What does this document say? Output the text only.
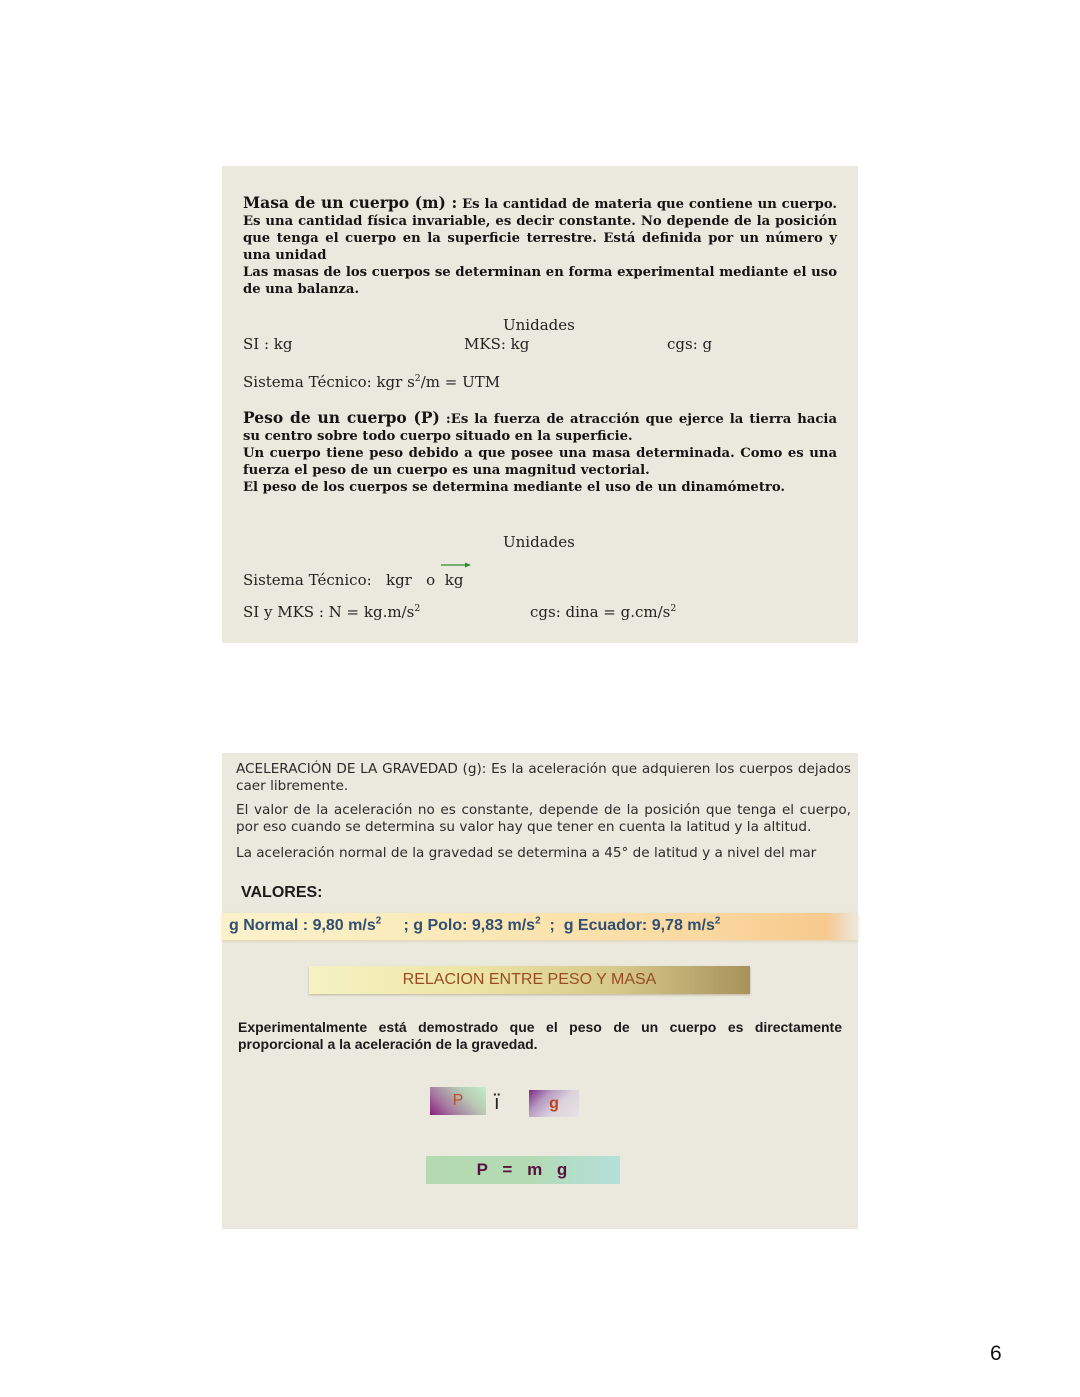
Masa de un cuerpo (m) : Es la cantidad de materia que contiene un cuerpo. Es una cantidad física invariable, es decir constante. No depende de la posición que tenga el cuerpo en la superficie terrestre. Está definida por un número y una unidad
Las masas de los cuerpos se determinan en forma experimental mediante el uso de una balanza.
Unidades
SI : kg	MKS: kg	cgs: g
Sistema Técnico: kgr $s^2/m$ = UTM
Peso de un cuerpo (P) :Es la fuerza de atracción que ejerce la tierra hacia su centro sobre todo cuerpo situado en la superficie.
Un cuerpo tiene peso debido a que posee una masa determinada. Como es una fuerza el peso de un cuerpo es una magnitud vectorial.
El peso de los cuerpos se determina mediante el uso de un dinamómetro.
Unidades
Sistema Técnico: kgr o kg
SI y MKS : $N = kg.m/s^2$	cgs: dina = $g.cm/s^2$
ACELERACIÓN DE LA GRAVEDAD (g): Es la aceleración que adquieren los cuerpos dejados caer libremente.
El valor de la aceleración no es constante, depende de la posición que tenga el cuerpo, por eso cuando se determina su valor hay que tener en cuenta la latitud y la altitud.
La aceleración normal de la gravedad se determina a 45° de latitud y a nivel del mar
VALORES:
g Normal : 9,80 $m/s^2$ ; g Polo: 9,83 $m/s^2$  ;  g Ecuador: 9,78 $m/s^2$
RELACION ENTRE PESO Y MASA
Experimentalmente está demostrado que el peso de un cuerpo es directamente proporcional a la aceleración de la gravedad.
P	ï	g
P = m g
6
